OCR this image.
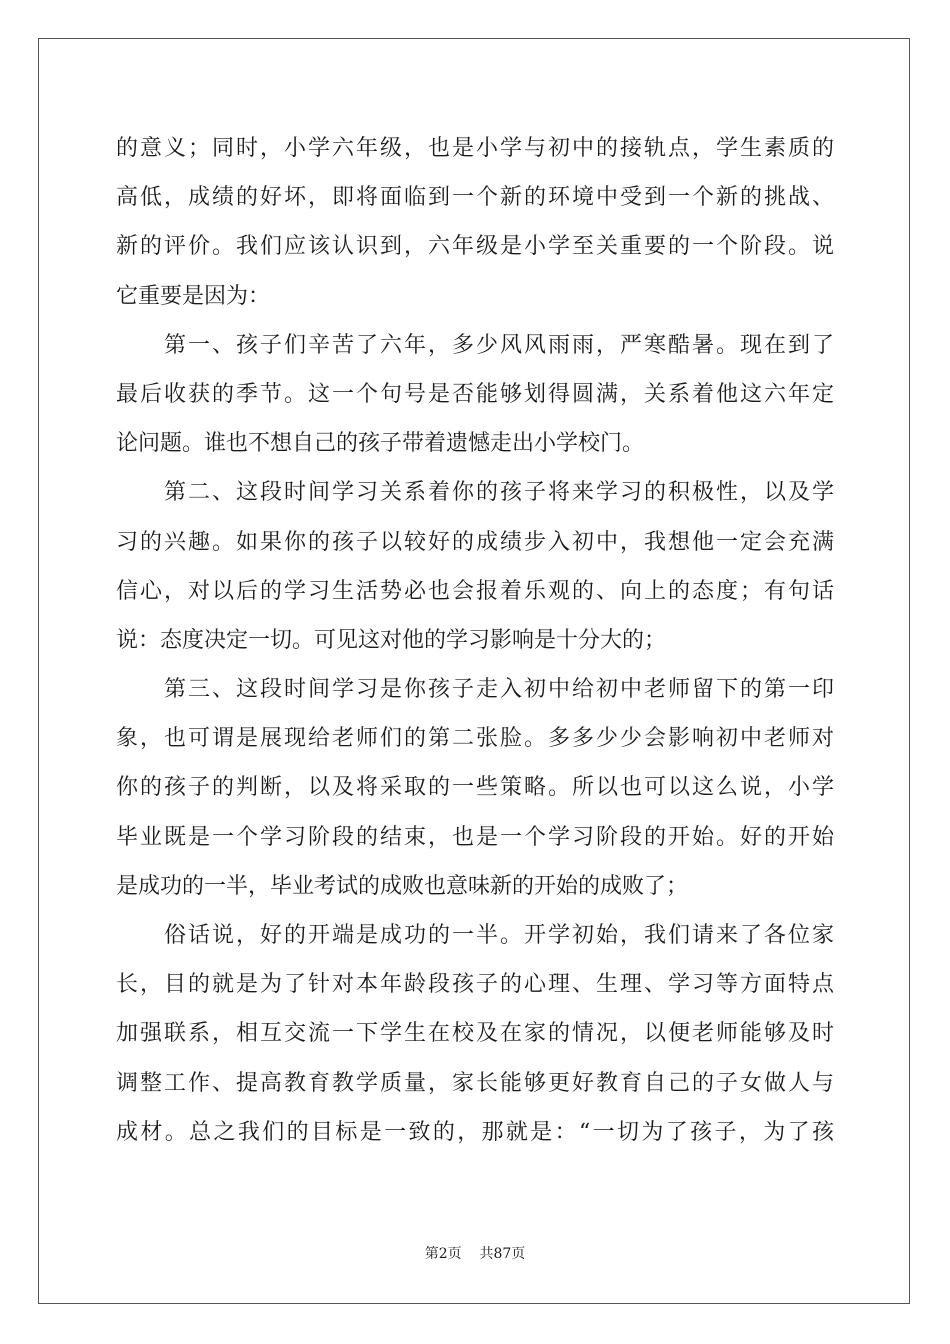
的意义；同时，小学六年级，也是小学与初中的接轨点，学生素质的
高低，成绩的好坏，即将面临到一个新的环境中受到一个新的挑战、
新的评价。我们应该认识到，六年级是小学至关重要的一个阶段。说
它重要是因为：
第一、孩子们辛苦了六年，多少风风雨雨，严寒酷暑。现在到了
最后收获的季节。这一个句号是否能够划得圆满，关系着他这六年定
论问题。谁也不想自己的孩子带着遗憾走出小学校门。
第二、这段时间学习关系着你的孩子将来学习的积极性，以及学
习的兴趣。如果你的孩子以较好的成绩步入初中，我想他一定会充满
信心，对以后的学习生活势必也会报着乐观的、向上的态度；有句话
说：态度决定一切。可见这对他的学习影响是十分大的；
第三、这段时间学习是你孩子走入初中给初中老师留下的第一印
象，也可谓是展现给老师们的第二张脸。多多少少会影响初中老师对
你的孩子的判断，以及将采取的一些策略。所以也可以这么说，小学
毕业既是一个学习阶段的结束，也是一个学习阶段的开始。好的开始
是成功的一半，毕业考试的成败也意味新的开始的成败了；
俗话说，好的开端是成功的一半。开学初始，我们请来了各位家
长，目的就是为了针对本年龄段孩子的心理、生理、学习等方面特点
加强联系，相互交流一下学生在校及在家的情况，以便老师能够及时
调整工作、提高教育教学质量，家长能够更好教育自己的子女做人与
成材。总之我们的目标是一致的，那就是：“一切为了孩子，为了孩
第2页 共87页
